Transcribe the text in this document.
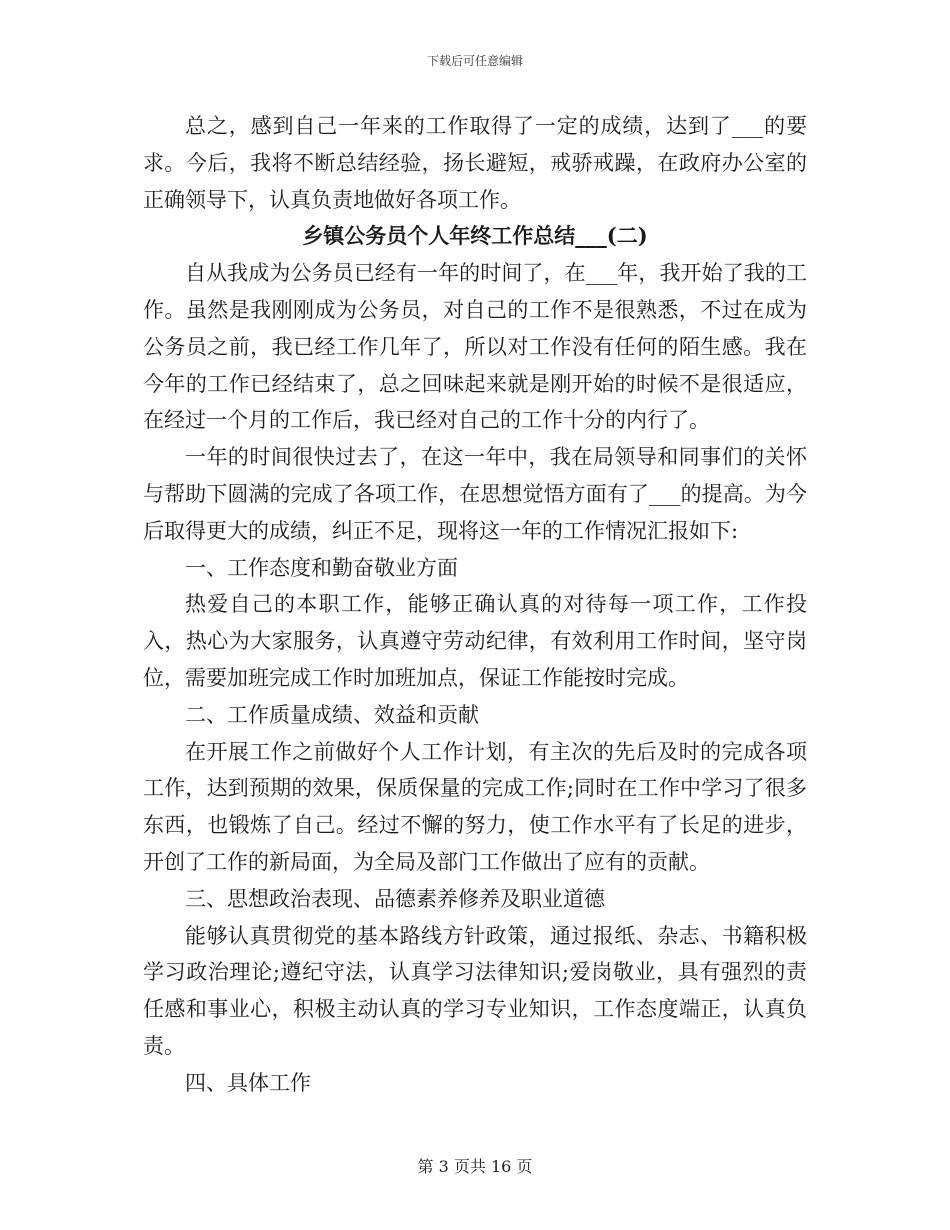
下载后可任意编辑

总之，感到自己一年来的工作取得了一定的成绩，达到了___的要求。今后，我将不断总结经验，扬长避短，戒骄戒躁，在政府办公室的正确领导下，认真负责地做好各项工作。

乡镇公务员个人年终工作总结___(二)

自从我成为公务员已经有一年的时间了，在___年，我开始了我的工作。虽然是我刚刚成为公务员，对自己的工作不是很熟悉，不过在成为公务员之前，我已经工作几年了，所以对工作没有任何的陌生感。我在今年的工作已经结束了，总之回味起来就是刚开始的时候不是很适应，在经过一个月的工作后，我已经对自己的工作十分的内行了。

一年的时间很快过去了，在这一年中，我在局领导和同事们的关怀与帮助下圆满的完成了各项工作，在思想觉悟方面有了___的提高。为今后取得更大的成绩，纠正不足，现将这一年的工作情况汇报如下:

一、工作态度和勤奋敬业方面

热爱自己的本职工作，能够正确认真的对待每一项工作，工作投入，热心为大家服务，认真遵守劳动纪律，有效利用工作时间，坚守岗位，需要加班完成工作时加班加点，保证工作能按时完成。

二、工作质量成绩、效益和贡献

在开展工作之前做好个人工作计划，有主次的先后及时的完成各项工作，达到预期的效果，保质保量的完成工作;同时在工作中学习了很多东西，也锻炼了自己。经过不懈的努力，使工作水平有了长足的进步，开创了工作的新局面，为全局及部门工作做出了应有的贡献。

三、思想政治表现、品德素养修养及职业道德

能够认真贯彻党的基本路线方针政策，通过报纸、杂志、书籍积极学习政治理论;遵纪守法，认真学习法律知识;爱岗敬业，具有强烈的责任感和事业心，积极主动认真的学习专业知识，工作态度端正，认真负责。

四、具体工作

第 3 页共 16 页
